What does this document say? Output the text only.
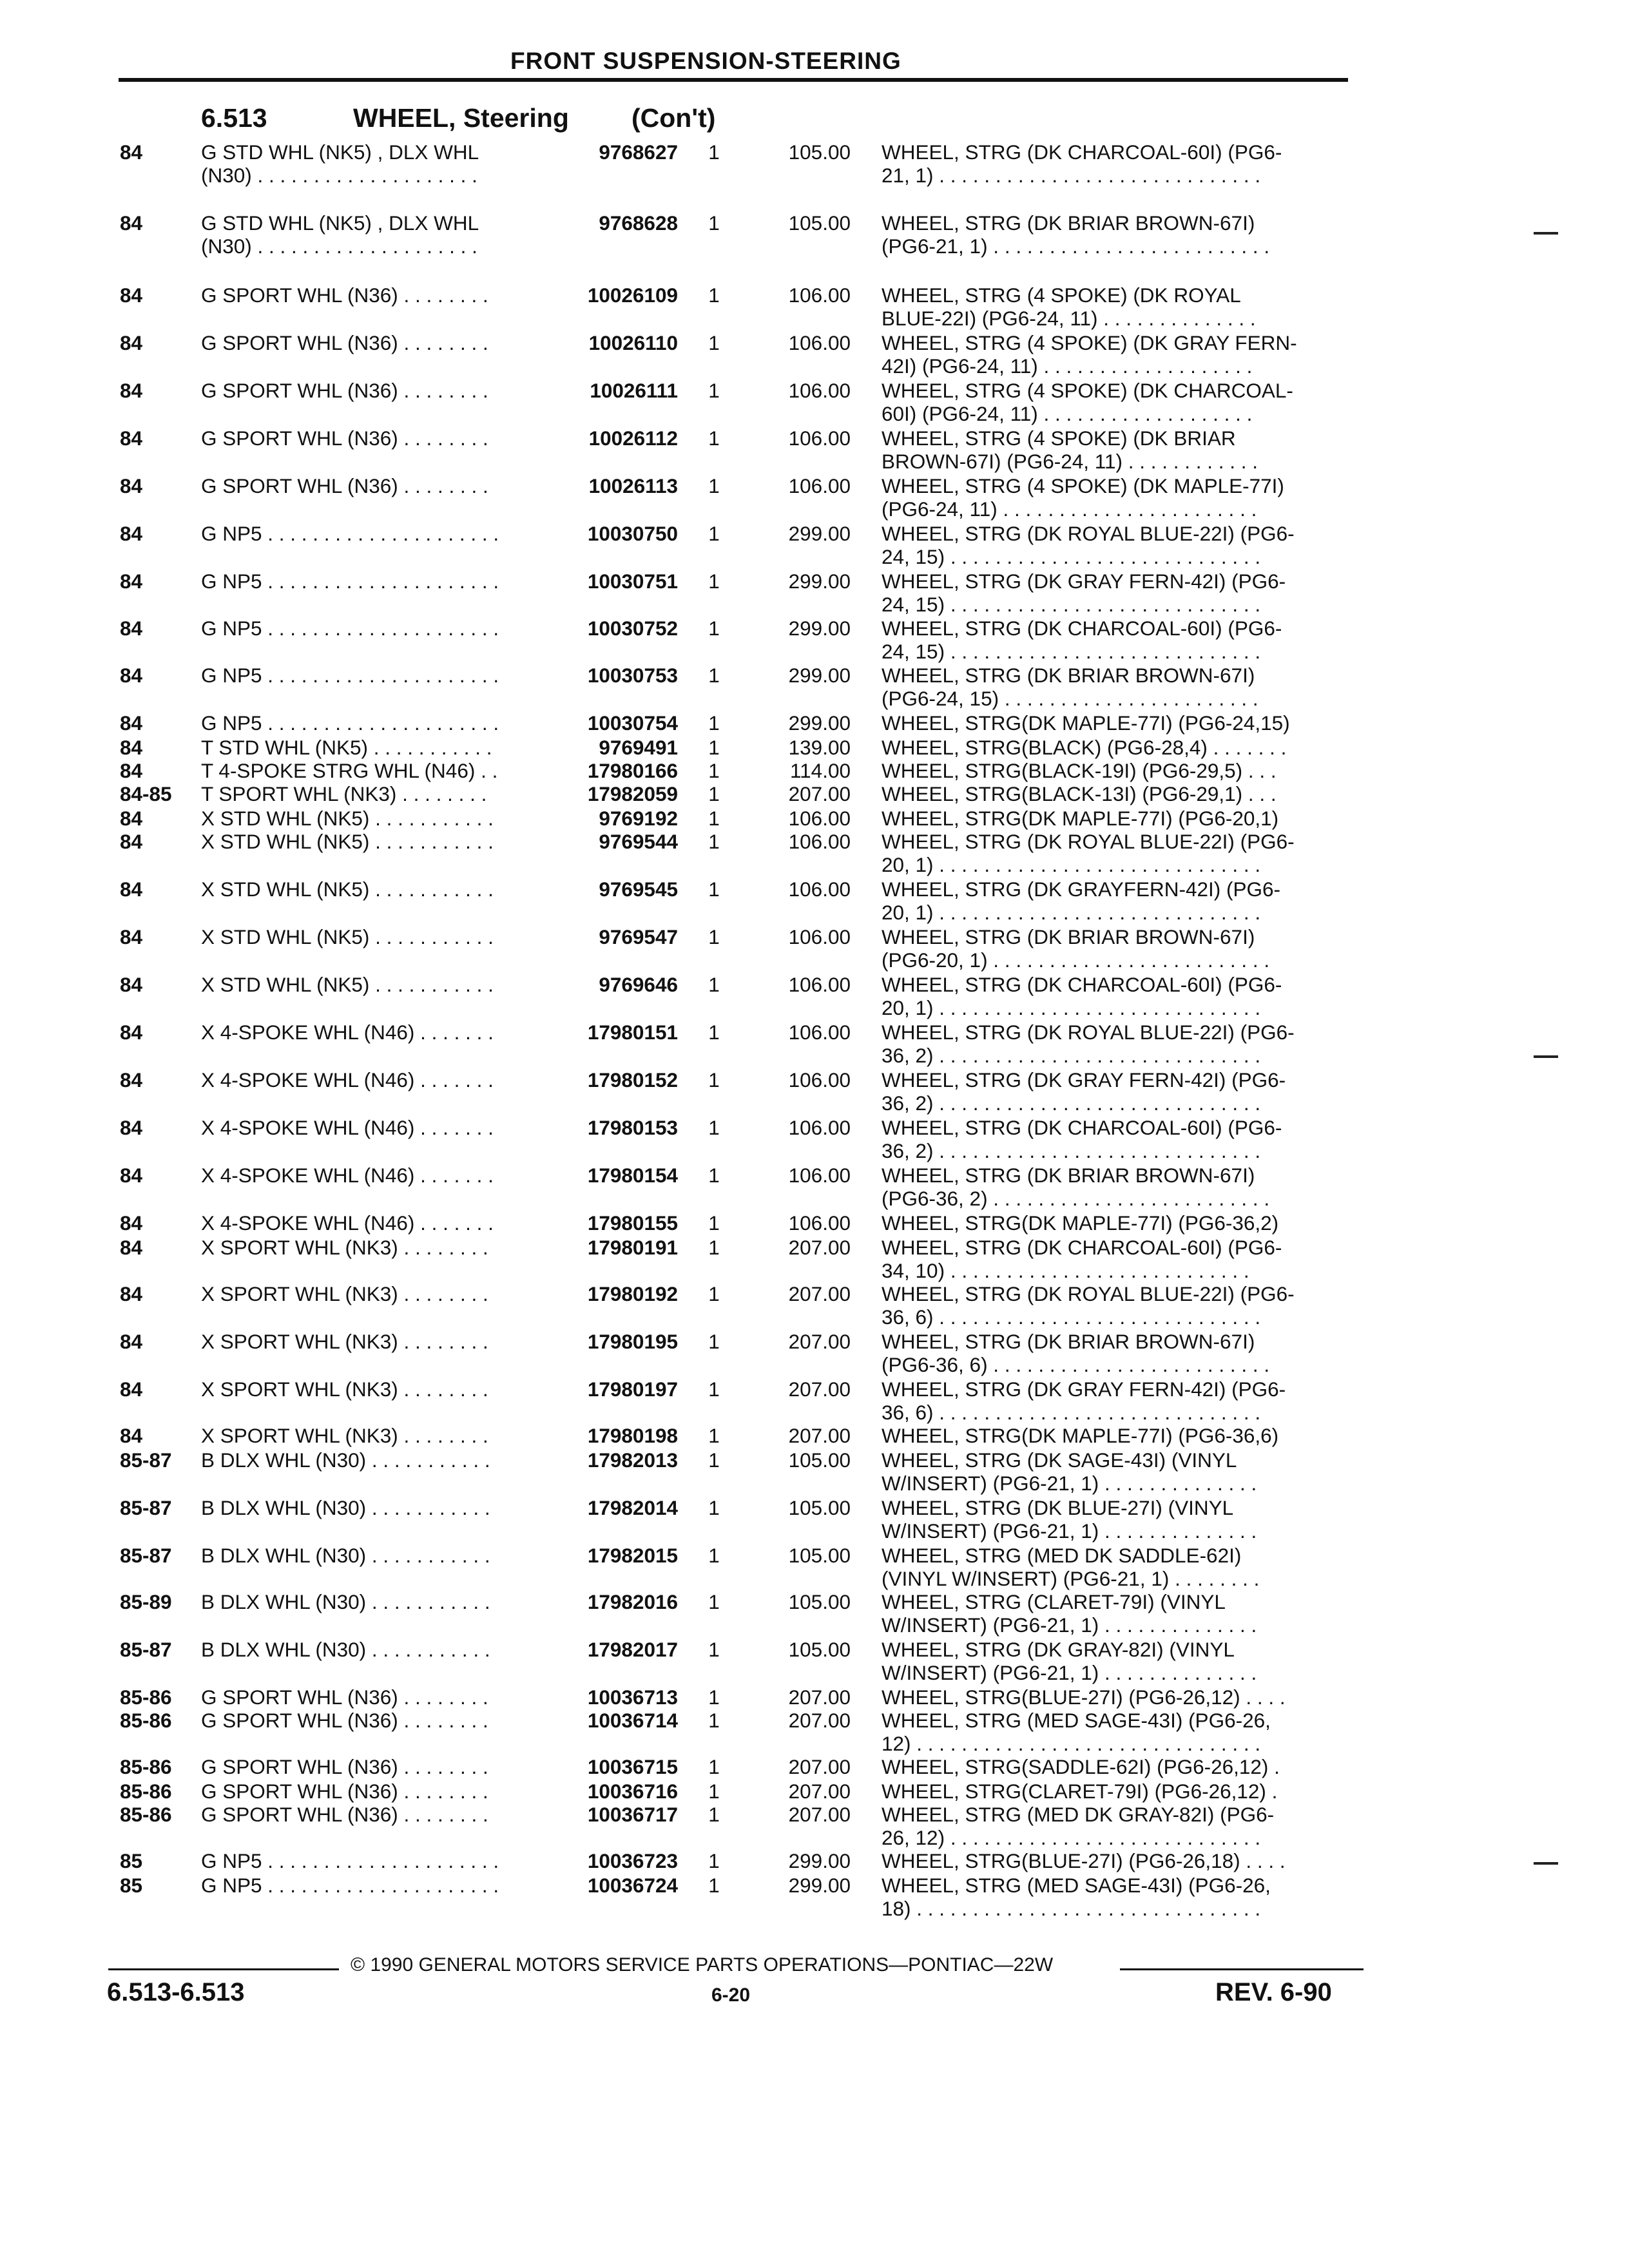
FRONT SUSPENSION-STEERING
6.513	WHEEL, Steering (Con't)
84	G STD WHL (NK5) , DLX WHL
(N30) . . . . . . . . . . . . . . . . . . . .
9768627 1	105.00 WHEEL, STRG (DK CHARCOAL-60I) (PG6-
21, 1) . . . . . . . . . . . . . . . . . . . . . . . . . . . . .
84	G STD WHL (NK5) , DLX WHL
(N30) . . . . . . . . . . . . . . . . . . . .
9768628 1	105.00 WHEEL, STRG (DK BRIAR BROWN-67I)
(PG6-21, 1) . . . . . . . . . . . . . . . . . . . . . . . . .
84	G SPORT WHL (N36) . . . . . . . .	10026109 1	106.00 WHEEL, STRG (4 SPOKE) (DK ROYAL
BLUE-22I) (PG6-24, 11) . . . . . . . . . . . . . .
84	G SPORT WHL (N36) . . . . . . . .	10026110 1	106.00 WHEEL, STRG (4 SPOKE) (DK GRAY FERN-
42I) (PG6-24, 11) . . . . . . . . . . . . . . . . . . .
84	G SPORT WHL (N36) . . . . . . . .	10026111 1	106.00 WHEEL, STRG (4 SPOKE) (DK CHARCOAL-
60I) (PG6-24, 11) . . . . . . . . . . . . . . . . . . .
84	G SPORT WHL (N36) . . . . . . . .	10026112 1	106.00 WHEEL, STRG (4 SPOKE) (DK BRIAR
BROWN-67I) (PG6-24, 11) . . . . . . . . . . . .
84	G SPORT WHL (N36) . . . . . . . .	10026113 1	106.00 WHEEL, STRG (4 SPOKE) (DK MAPLE-77I)
(PG6-24, 11) . . . . . . . . . . . . . . . . . . . . . . .
84	G NP5 . . . . . . . . . . . . . . . . . . . . .	10030750 1	299.00 WHEEL, STRG (DK ROYAL BLUE-22I) (PG6-
24, 15) . . . . . . . . . . . . . . . . . . . . . . . . . . . .
84	G NP5 . . . . . . . . . . . . . . . . . . . . .	10030751 1	299.00 WHEEL, STRG (DK GRAY FERN-42I) (PG6-
24, 15) . . . . . . . . . . . . . . . . . . . . . . . . . . . .
84	G NP5 . . . . . . . . . . . . . . . . . . . . .	10030752 1	299.00 WHEEL, STRG (DK CHARCOAL-60I) (PG6-
24, 15) . . . . . . . . . . . . . . . . . . . . . . . . . . . .
84	G NP5 . . . . . . . . . . . . . . . . . . . . .	10030753 1	299.00 WHEEL, STRG (DK BRIAR BROWN-67I)
(PG6-24, 15) . . . . . . . . . . . . . . . . . . . . . . .
84	G NP5 . . . . . . . . . . . . . . . . . . . . .	10030754 1	299.00 WHEEL, STRG(DK MAPLE-77I) (PG6-24,15)
84	T STD WHL (NK5) . . . . . . . . . . .	9769491 1	139.00 WHEEL, STRG(BLACK) (PG6-28,4) . . . . . . .
84	T 4-SPOKE STRG WHL (N46) . .	17980166 1	114.00 WHEEL, STRG(BLACK-19I) (PG6-29,5) . . .
84-85	T SPORT WHL (NK3) . . . . . . . .	17982059 1	207.00 WHEEL, STRG(BLACK-13I) (PG6-29,1) . . .
84	X STD WHL (NK5) . . . . . . . . . . .	9769192 1	106.00 WHEEL, STRG(DK MAPLE-77I) (PG6-20,1)
84	X STD WHL (NK5) . . . . . . . . . . .	9769544 1	106.00 WHEEL, STRG (DK ROYAL BLUE-22I) (PG6-
20, 1) . . . . . . . . . . . . . . . . . . . . . . . . . . . . .
84	X STD WHL (NK5) . . . . . . . . . . .	9769545 1	106.00 WHEEL, STRG (DK GRAYFERN-42I) (PG6-
20, 1) . . . . . . . . . . . . . . . . . . . . . . . . . . . . .
84	X STD WHL (NK5) . . . . . . . . . . .	9769547 1	106.00 WHEEL, STRG (DK BRIAR BROWN-67I)
(PG6-20, 1) . . . . . . . . . . . . . . . . . . . . . . . . .
84	X STD WHL (NK5) . . . . . . . . . . .	9769646 1	106.00 WHEEL, STRG (DK CHARCOAL-60I) (PG6-
20, 1) . . . . . . . . . . . . . . . . . . . . . . . . . . . . .
84	X 4-SPOKE WHL (N46) . . . . . . .	17980151 1	106.00 WHEEL, STRG (DK ROYAL BLUE-22I) (PG6-
36, 2) . . . . . . . . . . . . . . . . . . . . . . . . . . . . .
84	X 4-SPOKE WHL (N46) . . . . . . .	17980152 1	106.00 WHEEL, STRG (DK GRAY FERN-42I) (PG6-
36, 2) . . . . . . . . . . . . . . . . . . . . . . . . . . . . .
84	X 4-SPOKE WHL (N46) . . . . . . .	17980153 1	106.00 WHEEL, STRG (DK CHARCOAL-60I) (PG6-
36, 2) . . . . . . . . . . . . . . . . . . . . . . . . . . . . .
84	X 4-SPOKE WHL (N46) . . . . . . .	17980154 1	106.00 WHEEL, STRG (DK BRIAR BROWN-67I)
(PG6-36, 2) . . . . . . . . . . . . . . . . . . . . . . . . .
84	X 4-SPOKE WHL (N46) . . . . . . .	17980155 1	106.00 WHEEL, STRG(DK MAPLE-77I) (PG6-36,2)
84	X SPORT WHL (NK3) . . . . . . . .	17980191 1	207.00 WHEEL, STRG (DK CHARCOAL-60I) (PG6-
34, 10) . . . . . . . . . . . . . . . . . . . . . . . . . . .
84	X SPORT WHL (NK3) . . . . . . . .	17980192 1	207.00 WHEEL, STRG (DK ROYAL BLUE-22I) (PG6-
36, 6) . . . . . . . . . . . . . . . . . . . . . . . . . . . . .
84	X SPORT WHL (NK3) . . . . . . . .	17980195 1	207.00 WHEEL, STRG (DK BRIAR BROWN-67I)
(PG6-36, 6) . . . . . . . . . . . . . . . . . . . . . . . . .
84	X SPORT WHL (NK3) . . . . . . . .	17980197 1	207.00 WHEEL, STRG (DK GRAY FERN-42I) (PG6-
36, 6) . . . . . . . . . . . . . . . . . . . . . . . . . . . . .
84	X SPORT WHL (NK3) . . . . . . . .	17980198 1	207.00 WHEEL, STRG(DK MAPLE-77I) (PG6-36,6)
85-87	B DLX WHL (N30) . . . . . . . . . . .	17982013 1	105.00 WHEEL, STRG (DK SAGE-43I) (VINYL
W/INSERT) (PG6-21, 1) . . . . . . . . . . . . . .
85-87	B DLX WHL (N30) . . . . . . . . . . .	17982014 1	105.00 WHEEL, STRG (DK BLUE-27I) (VINYL
W/INSERT) (PG6-21, 1) . . . . . . . . . . . . . .
85-87	B DLX WHL (N30) . . . . . . . . . . .	17982015 1	105.00 WHEEL, STRG (MED DK SADDLE-62I)
(VINYL W/INSERT) (PG6-21, 1) . . . . . . . .
85-89	B DLX WHL (N30) . . . . . . . . . . .	17982016 1	105.00 WHEEL, STRG (CLARET-79I) (VINYL
W/INSERT) (PG6-21, 1) . . . . . . . . . . . . . .
85-87	B DLX WHL (N30) . . . . . . . . . . .	17982017 1	105.00 WHEEL, STRG (DK GRAY-82I) (VINYL
W/INSERT) (PG6-21, 1) . . . . . . . . . . . . . .
85-86	G SPORT WHL (N36) . . . . . . . .	10036713 1	207.00 WHEEL, STRG(BLUE-27I) (PG6-26,12) . . . .
85-86	G SPORT WHL (N36) . . . . . . . .	10036714 1	207.00 WHEEL, STRG (MED SAGE-43I) (PG6-26,
12) . . . . . . . . . . . . . . . . . . . . . . . . . . . . . . .
85-86	G SPORT WHL (N36) . . . . . . . .	10036715 1	207.00 WHEEL, STRG(SADDLE-62I) (PG6-26,12) .
85-86	G SPORT WHL (N36) . . . . . . . .	10036716 1	207.00 WHEEL, STRG(CLARET-79I) (PG6-26,12) .
85-86	G SPORT WHL (N36) . . . . . . . .	10036717 1	207.00 WHEEL, STRG (MED DK GRAY-82I) (PG6-
26, 12) . . . . . . . . . . . . . . . . . . . . . . . . . . . .
85	G NP5 . . . . . . . . . . . . . . . . . . . . .	10036723 1	299.00 WHEEL, STRG(BLUE-27I) (PG6-26,18) . . . .
85	G NP5 . . . . . . . . . . . . . . . . . . . . .	10036724 1	299.00 WHEEL, STRG (MED SAGE-43I) (PG6-26,
18) . . . . . . . . . . . . . . . . . . . . . . . . . . . . . . .
© 1990 GENERAL MOTORS SERVICE PARTS OPERATIONS—PONTIAC—22W
6.513-6.513	6-20	REV. 6-90
